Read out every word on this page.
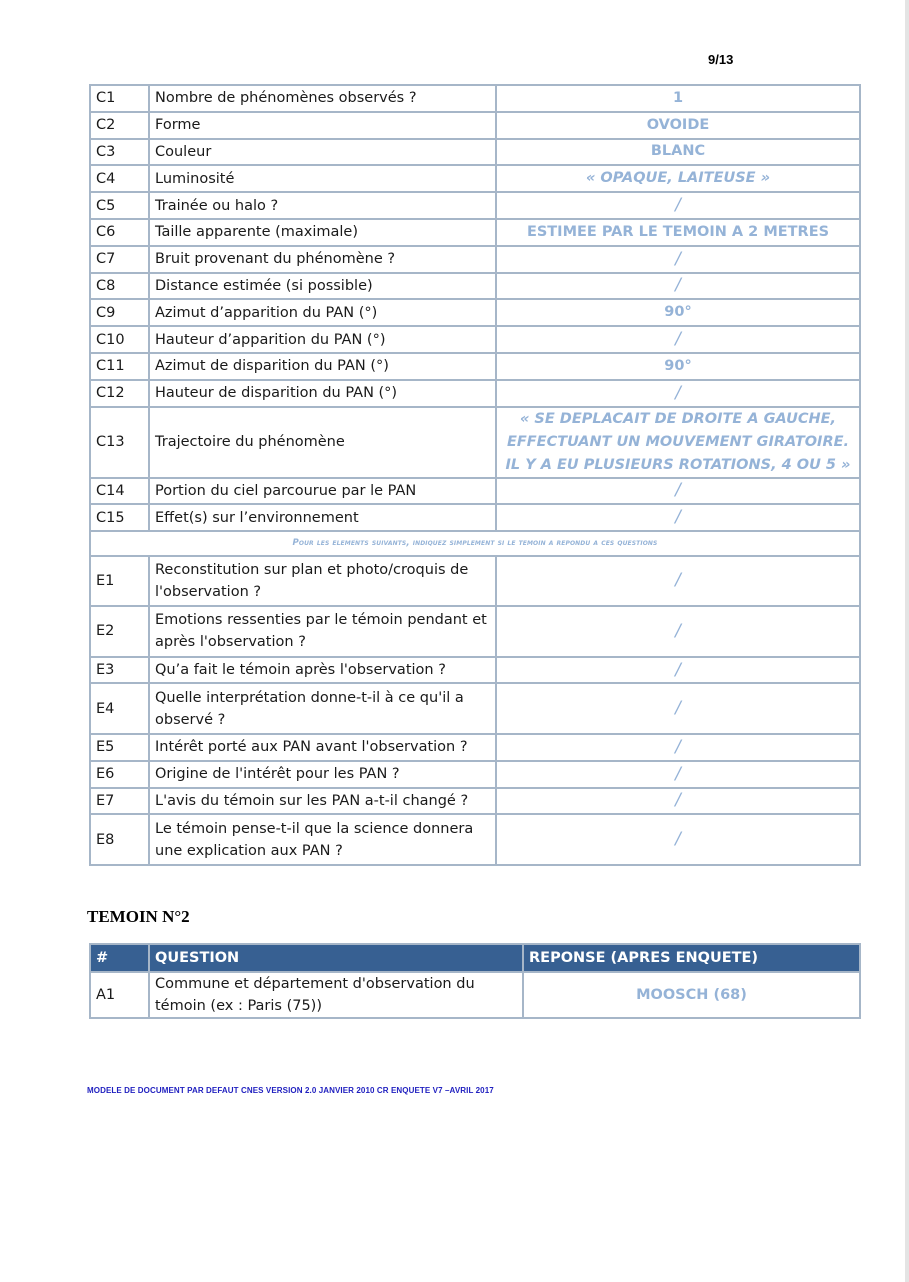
9/13
C1	Nombre de phénomènes observés ?	1
C2	Forme	OVOIDE
C3	Couleur	BLANC
C4	Luminosité	« OPAQUE, LAITEUSE »
C5	Trainée ou halo ?	/
C6	Taille apparente (maximale)	ESTIMEE PAR LE TEMOIN A 2 METRES
C7	Bruit provenant du phénomène ?	/
C8	Distance estimée (si possible)	/
C9	Azimut d’apparition du PAN (°)	90°
C10	Hauteur d’apparition du PAN (°)	/
C11	Azimut de disparition du PAN (°)	90°
C12	Hauteur de disparition du PAN (°)	/
C13	Trajectoire du phénomène	« SE DEPLACAIT DE DROITE A GAUCHE, EFFECTUANT UN MOUVEMENT GIRATOIRE. IL Y A EU PLUSIEURS ROTATIONS, 4 OU 5 »
C14	Portion du ciel parcourue par le PAN	/
C15	Effet(s) sur l’environnement	/
Pour les elements suivants, indiquez simplement si le temoin a repondu a ces questions		
E1	Reconstitution sur plan et photo/croquis de l'observation ?	/
E2	Emotions ressenties par le témoin pendant et après l'observation ?	/
E3	Qu’a fait le témoin après l'observation ?	/
E4	Quelle interprétation donne-t-il à ce qu'il a observé ?	/
E5	Intérêt porté aux PAN avant l'observation ?	/
E6	Origine de l'intérêt pour les PAN ?	/
E7	L'avis du témoin sur les PAN a-t-il changé ?	/
E8	Le témoin pense-t-il que la science donnera une explication aux PAN ?	/
TEMOIN N°2
#	QUESTION	REPONSE (APRES ENQUETE)
A1	Commune et département d'observation du témoin (ex : Paris (75))	MOOSCH (68)
MODELE DE DOCUMENT PAR DEFAUT CNES VERSION 2.0 JANVIER 2010 CR ENQUETE V7 –AVRIL 2017
